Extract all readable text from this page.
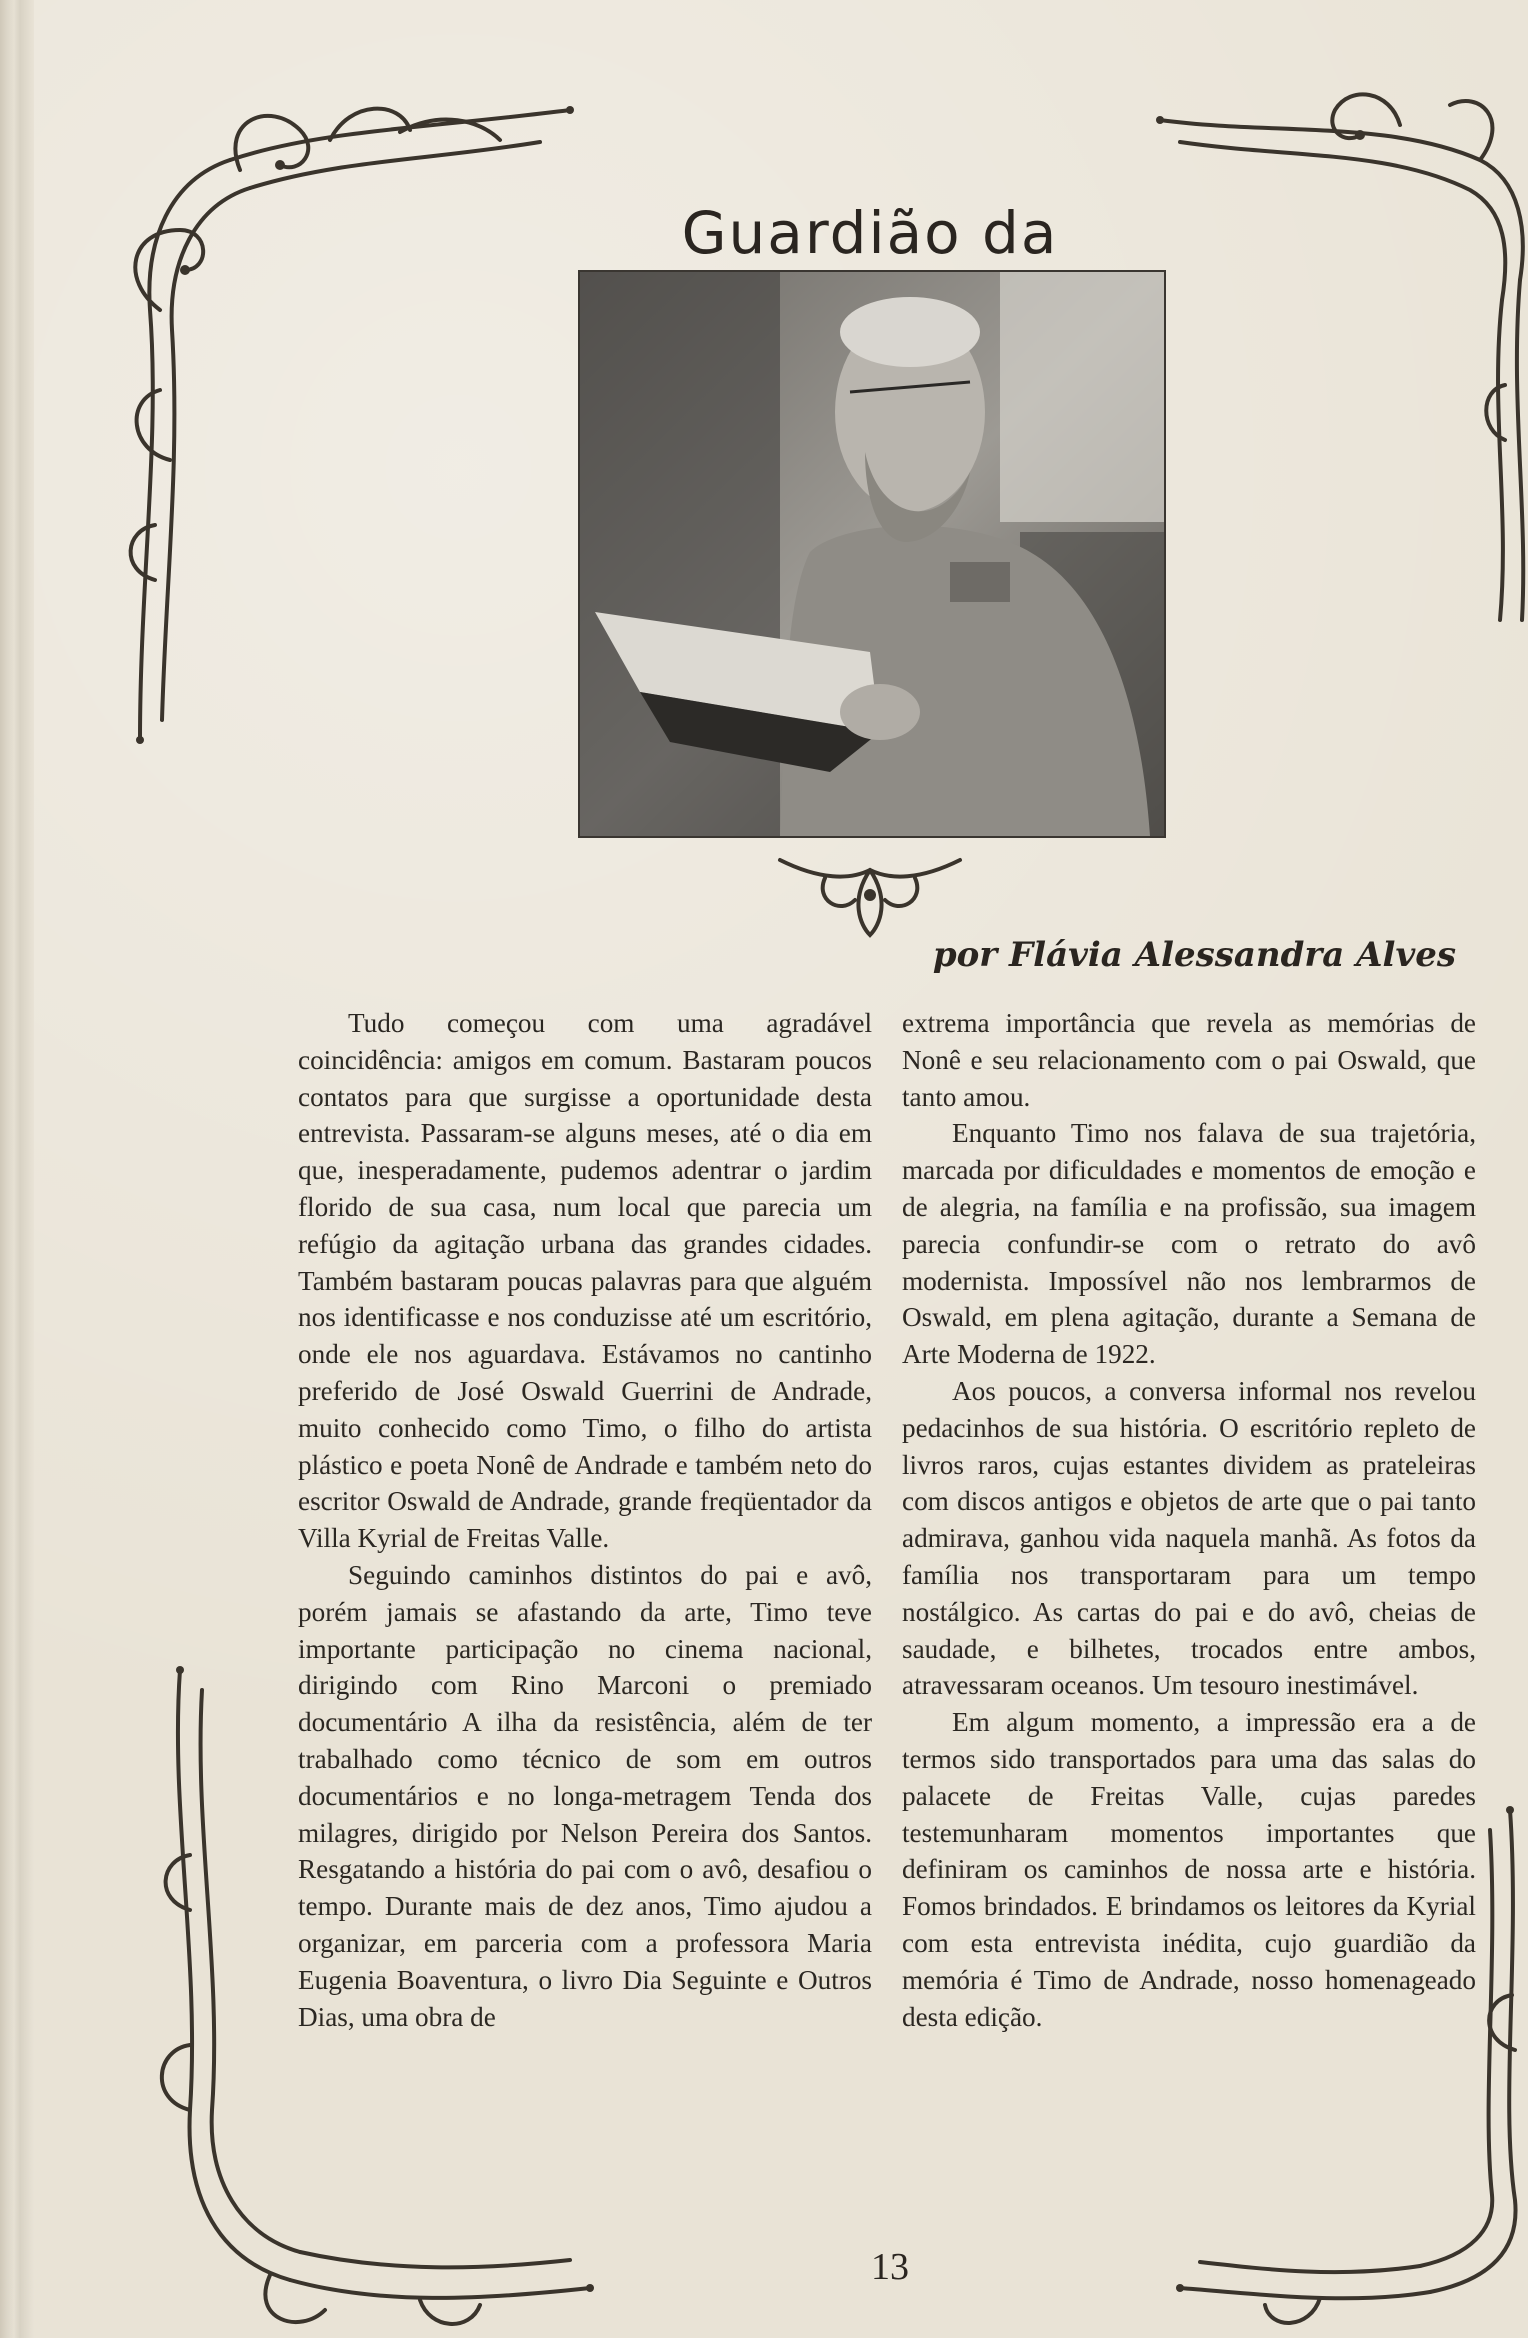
Guardião da
por Flávia Alessandra Alves

Tudo começou com uma agradável coincidência: amigos em comum. Bastaram poucos contatos para que surgisse a oportunidade desta entrevista. Passaram-se alguns meses, até o dia em que, inesperadamente, pudemos adentrar o jardim florido de sua casa, num local que parecia um refúgio da agitação urbana das grandes cidades. Também bastaram poucas palavras para que alguém nos identificasse e nos conduzisse até um escritório, onde ele nos aguardava. Estávamos no cantinho preferido de José Oswald Guerrini de Andrade, muito conhecido como Timo, o filho do artista plástico e poeta Nonê de Andrade e também neto do escritor Oswald de Andrade, grande freqüentador da Villa Kyrial de Freitas Valle.

Seguindo caminhos distintos do pai e avô, porém jamais se afastando da arte, Timo teve importante participação no cinema nacional, dirigindo com Rino Marconi o premiado documentário A ilha da resistência, além de ter trabalhado como técnico de som em outros documentários e no longa-metragem Tenda dos milagres, dirigido por Nelson Pereira dos Santos. Resgatando a história do pai com o avô, desafiou o tempo. Durante mais de dez anos, Timo ajudou a organizar, em parceria com a professora Maria Eugenia Boaventura, o livro Dia Seguinte e Outros Dias, uma obra de

extrema importância que revela as memórias de Nonê e seu relacionamento com o pai Oswald, que tanto amou.

Enquanto Timo nos falava de sua trajetória, marcada por dificuldades e momentos de emoção e de alegria, na família e na profissão, sua imagem parecia confundir-se com o retrato do avô modernista. Impossível não nos lembrarmos de Oswald, em plena agitação, durante a Semana de Arte Moderna de 1922.

Aos poucos, a conversa informal nos revelou pedacinhos de sua história. O escritório repleto de livros raros, cujas estantes dividem as prateleiras com discos antigos e objetos de arte que o pai tanto admirava, ganhou vida naquela manhã. As fotos da família nos transportaram para um tempo nostálgico. As cartas do pai e do avô, cheias de saudade, e bilhetes, trocados entre ambos, atravessaram oceanos. Um tesouro inestimável.

Em algum momento, a impressão era a de termos sido transportados para uma das salas do palacete de Freitas Valle, cujas paredes testemunharam momentos importantes que definiram os caminhos de nossa arte e história. Fomos brindados. E brindamos os leitores da Kyrial com esta entrevista inédita, cujo guardião da memória é Timo de Andrade, nosso homenageado desta edição.

13
